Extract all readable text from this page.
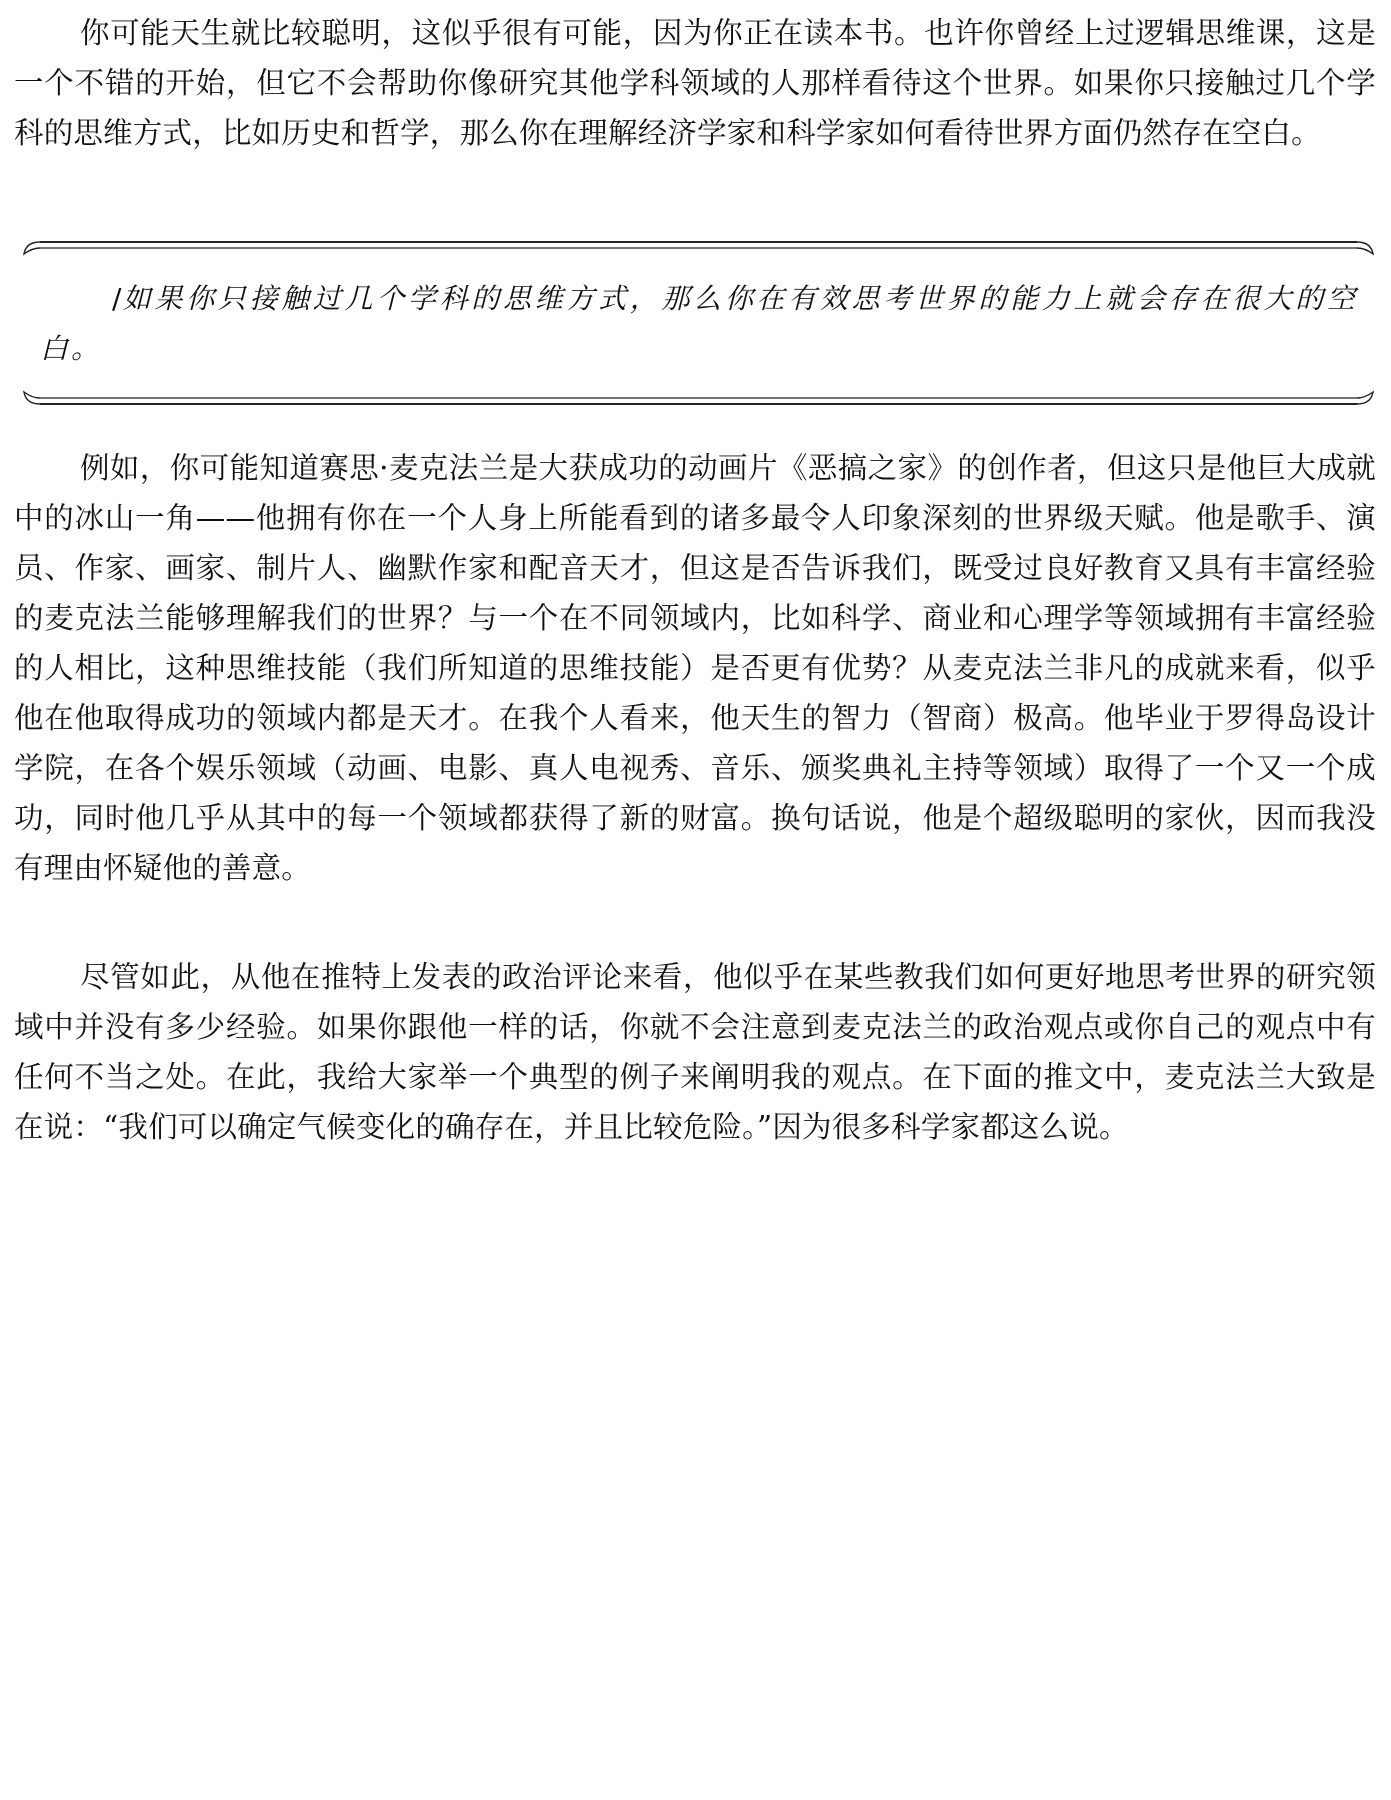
你可能天生就比较聪明，这似乎很有可能，因为你正在读本书。也许你曾经上过逻辑思维课，这是一个不错的开始，但它不会帮助你像研究其他学科领域的人那样看待这个世界。如果你只接触过几个学科的思维方式，比如历史和哲学，那么你在理解经济学家和科学家如何看待世界方面仍然存在空白。

/如果你只接触过几个学科的思维方式，那么你在有效思考世界的能力上就会存在很大的空白。

例如，你可能知道赛思·麦克法兰是大获成功的动画片《恶搞之家》的创作者，但这只是他巨大成就中的冰山一角——他拥有你在一个人身上所能看到的诸多最令人印象深刻的世界级天赋。他是歌手、演员、作家、画家、制片人、幽默作家和配音天才，但这是否告诉我们，既受过良好教育又具有丰富经验的麦克法兰能够理解我们的世界？与一个在不同领域内，比如科学、商业和心理学等领域拥有丰富经验的人相比，这种思维技能（我们所知道的思维技能）是否更有优势？从麦克法兰非凡的成就来看，似乎他在他取得成功的领域内都是天才。在我个人看来，他天生的智力（智商）极高。他毕业于罗得岛设计学院，在各个娱乐领域（动画、电影、真人电视秀、音乐、颁奖典礼主持等领域）取得了一个又一个成功，同时他几乎从其中的每一个领域都获得了新的财富。换句话说，他是个超级聪明的家伙，因而我没有理由怀疑他的善意。

尽管如此，从他在推特上发表的政治评论来看，他似乎在某些教我们如何更好地思考世界的研究领域中并没有多少经验。如果你跟他一样的话，你就不会注意到麦克法兰的政治观点或你自己的观点中有任何不当之处。在此，我给大家举一个典型的例子来阐明我的观点。在下面的推文中，麦克法兰大致是在说：“我们可以确定气候变化的确存在，并且比较危险。”因为很多科学家都这么说。
